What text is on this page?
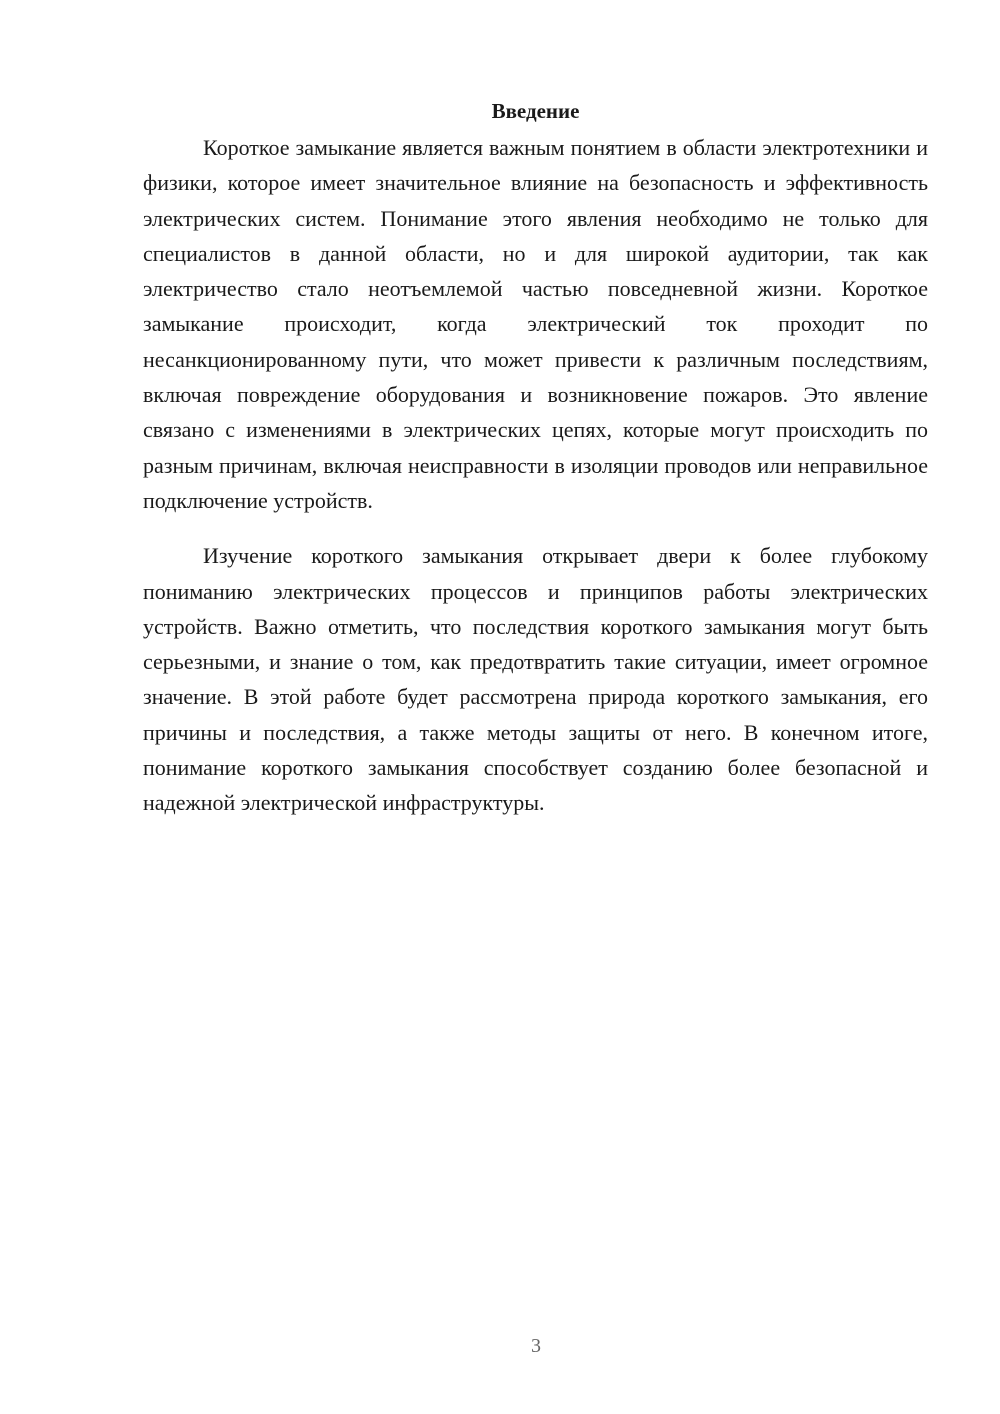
Введение

Короткое замыкание является важным понятием в области электротехники и физики, которое имеет значительное влияние на безопасность и эффективность электрических систем. Понимание этого явления необходимо не только для специалистов в данной области, но и для широкой аудитории, так как электричество стало неотъемлемой частью повседневной жизни. Короткое замыкание происходит, когда электрический ток проходит по несанкционированному пути, что может привести к различным последствиям, включая повреждение оборудования и возникновение пожаров. Это явление связано с изменениями в электрических цепях, которые могут происходить по разным причинам, включая неисправности в изоляции проводов или неправильное подключение устройств.

Изучение короткого замыкания открывает двери к более глубокому пониманию электрических процессов и принципов работы электрических устройств. Важно отметить, что последствия короткого замыкания могут быть серьезными, и знание о том, как предотвратить такие ситуации, имеет огромное значение. В этой работе будет рассмотрена природа короткого замыкания, его причины и последствия, а также методы защиты от него. В конечном итоге, понимание короткого замыкания способствует созданию более безопасной и надежной электрической инфраструктуры.

3
